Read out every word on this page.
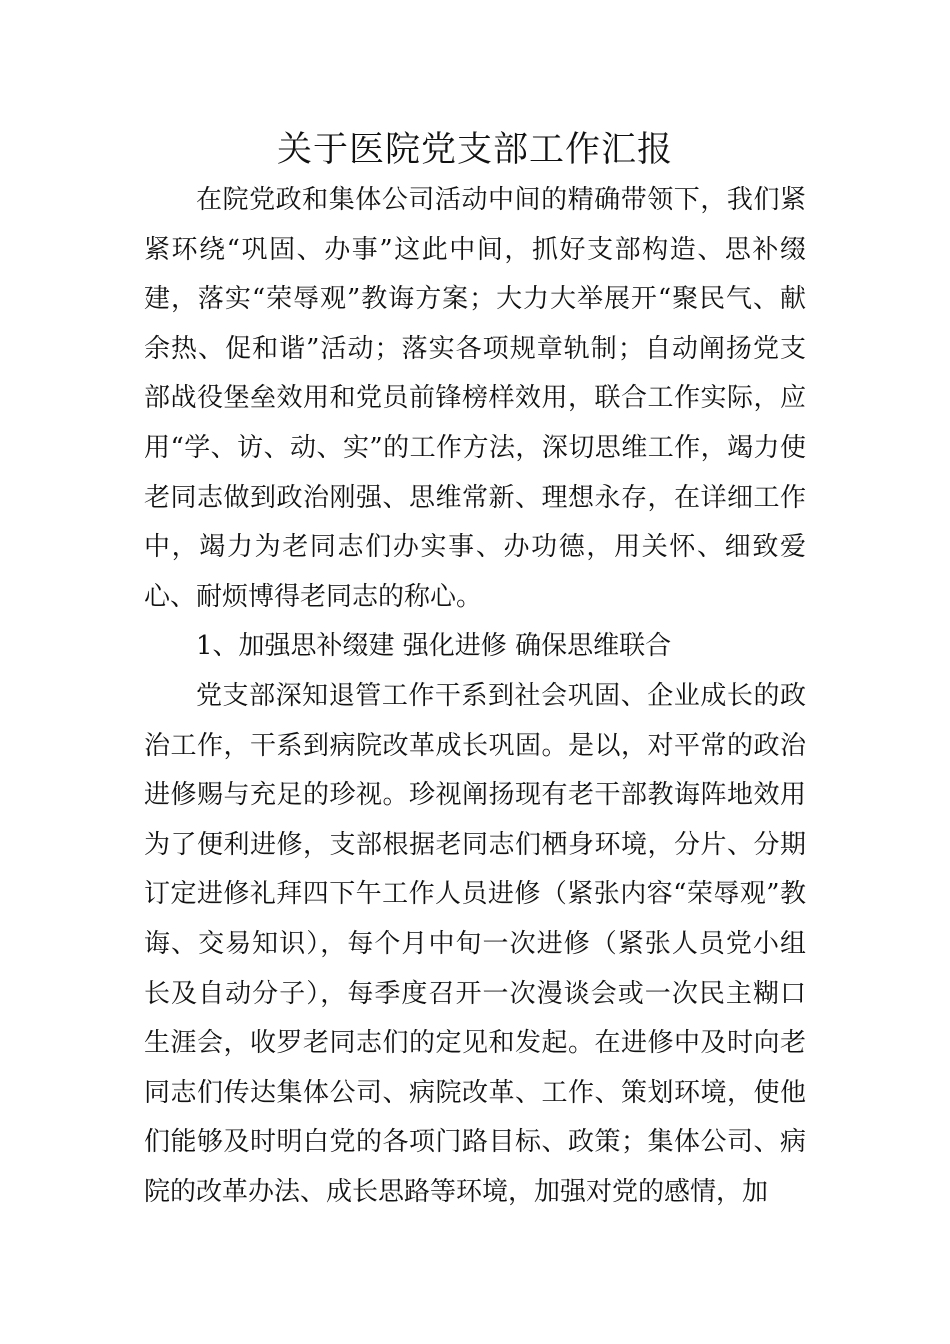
关于医院党支部工作汇报

在院党政和集体公司活动中间的精确带领下，我们紧紧环绕“巩固、办事”这此中间，抓好支部构造、思补缀建，落实“荣辱观”教诲方案；大力大举展开“聚民气、献余热、促和谐”活动；落实各项规章轨制；自动阐扬党支部战役堡垒效用和党员前锋榜样效用，联合工作实际，应用“学、访、动、实”的工作方法，深切思维工作，竭力使老同志做到政治刚强、思维常新、理想永存，在详细工作中，竭力为老同志们办实事、办功德，用关怀、细致爱心、耐烦博得老同志的称心。

1、加强思补缀建 强化进修 确保思维联合

党支部深知退管工作干系到社会巩固、企业成长的政治工作，干系到病院改革成长巩固。是以，对平常的政治进修赐与充足的珍视。珍视阐扬现有老干部教诲阵地效用为了便利进修，支部根据老同志们栖身环境，分片、分期订定进修礼拜四下午工作人员进修（紧张内容“荣辱观”教诲、交易知识），每个月中旬一次进修（紧张人员党小组长及自动分子），每季度召开一次漫谈会或一次民主糊口生涯会，收罗老同志们的定见和发起。在进修中及时向老同志们传达集体公司、病院改革、工作、策划环境，使他们能够及时明白党的各项门路目标、政策；集体公司、病院的改革办法、成长思路等环境，加强对党的感情，加
